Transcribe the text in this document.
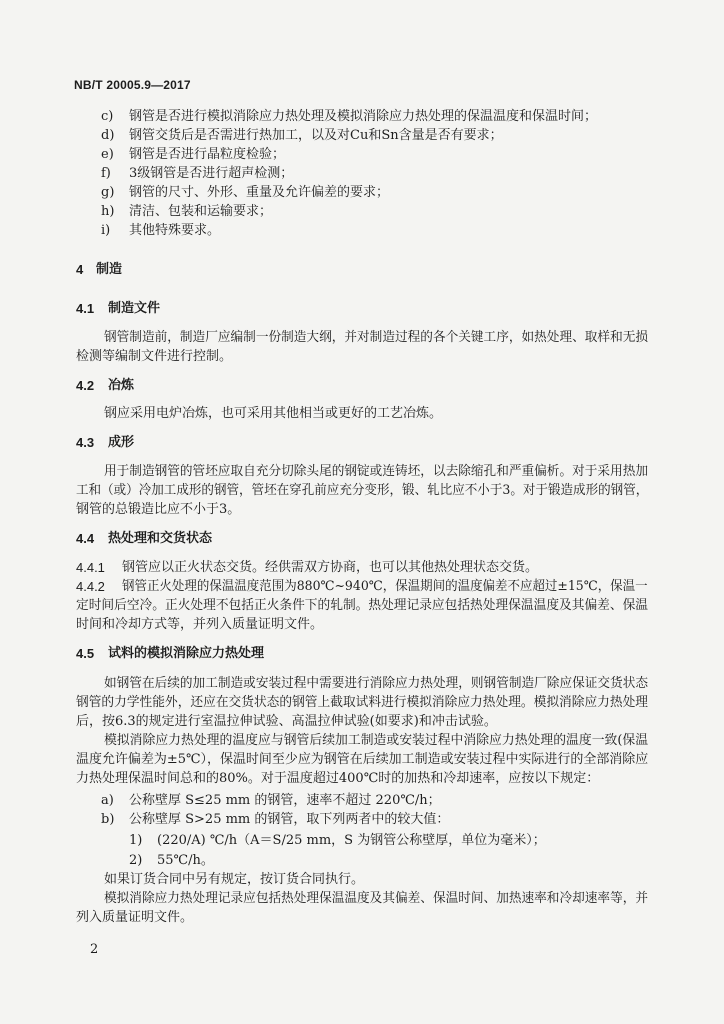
NB/T 20005.9—2017
c) 钢管是否进行模拟消除应力热处理及模拟消除应力热处理的保温温度和保温时间；
d) 钢管交货后是否需进行热加工，以及对Cu和Sn含量是否有要求；
e) 钢管是否进行晶粒度检验；
f) 3级钢管是否进行超声检测；
g) 钢管的尺寸、外形、重量及允许偏差的要求；
h) 清洁、包装和运输要求；
i) 其他特殊要求。
4 制造
4.1 制造文件
钢管制造前，制造厂应编制一份制造大纲，并对制造过程的各个关键工序，如热处理、取样和无损
检测等编制文件进行控制。
4.2 冶炼
钢应采用电炉冶炼，也可采用其他相当或更好的工艺冶炼。
4.3 成形
用于制造钢管的管坯应取自充分切除头尾的钢锭或连铸坯，以去除缩孔和严重偏析。对于采用热加
工和（或）冷加工成形的钢管，管坯在穿孔前应充分变形，锻、轧比应不小于3。对于锻造成形的钢管，
钢管的总锻造比应不小于3。
4.4 热处理和交货状态
4.4.1 钢管应以正火状态交货。经供需双方协商，也可以其他热处理状态交货。
4.4.2 钢管正火处理的保温温度范围为880℃~940℃，保温期间的温度偏差不应超过±15℃，保温一
定时间后空冷。正火处理不包括正火条件下的轧制。热处理记录应包括热处理保温温度及其偏差、保温
时间和冷却方式等，并列入质量证明文件。
4.5 试料的模拟消除应力热处理
如钢管在后续的加工制造或安装过程中需要进行消除应力热处理，则钢管制造厂除应保证交货状态
钢管的力学性能外，还应在交货状态的钢管上截取试料进行模拟消除应力热处理。模拟消除应力热处理
后，按6.3的规定进行室温拉伸试验、高温拉伸试验(如要求)和冲击试验。
模拟消除应力热处理的温度应与钢管后续加工制造或安装过程中消除应力热处理的温度一致(保温
温度允许偏差为±5℃），保温时间至少应为钢管在后续加工制造或安装过程中实际进行的全部消除应
力热处理保温时间总和的80%。对于温度超过400℃时的加热和冷却速率，应按以下规定：
a) 公称壁厚 S≤25 mm 的钢管，速率不超过 220℃/h；
b) 公称壁厚 S>25 mm 的钢管，取下列两者中的较大值：
1) (220/A) ℃/h（A＝S/25 mm，S 为钢管公称壁厚，单位为毫米）；
2) 55℃/h。
如果订货合同中另有规定，按订货合同执行。
模拟消除应力热处理记录应包括热处理保温温度及其偏差、保温时间、加热速率和冷却速率等，并
列入质量证明文件。
2
